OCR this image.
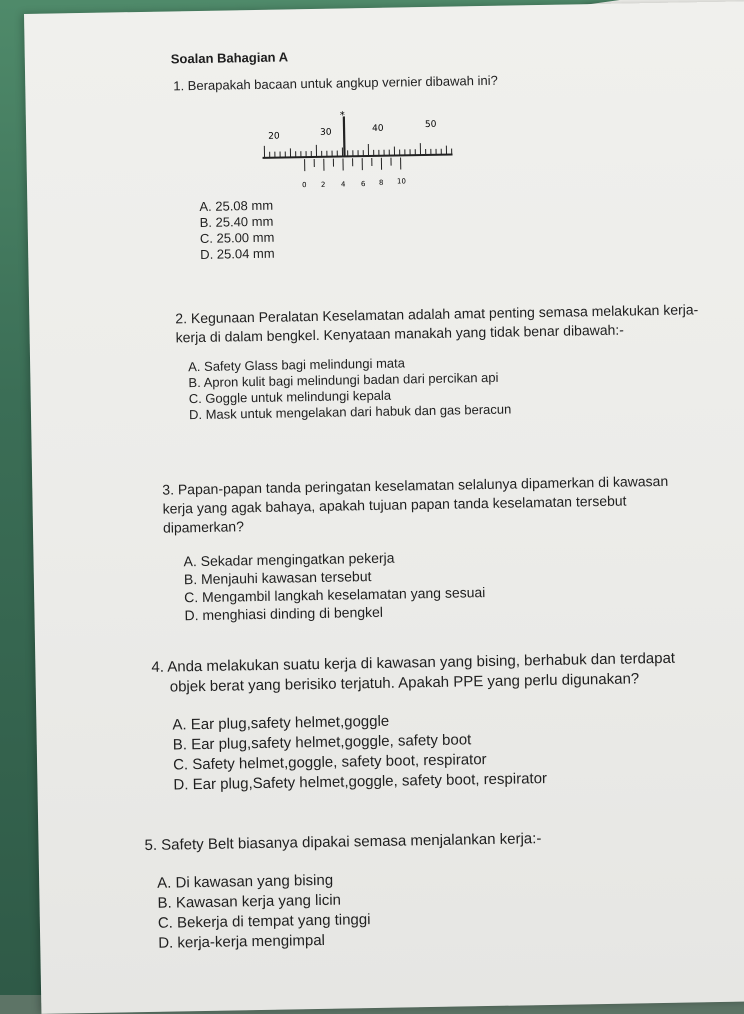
Soalan Bahagian A
1. Berapakah bacaan untuk angkup vernier dibawah ini?
*
20	30	40	50
0 2 4 6 8 10
A. 25.08 mm
B. 25.40 mm
C. 25.00 mm
D. 25.04 mm
2. Kegunaan Peralatan Keselamatan adalah amat penting semasa melakukan kerja-
kerja di dalam bengkel. Kenyataan manakah yang tidak benar dibawah:-
A. Safety Glass bagi melindungi mata
B. Apron kulit bagi melindungi badan dari percikan api
C. Goggle untuk melindungi kepala
D. Mask untuk mengelakan dari habuk dan gas beracun
3. Papan-papan tanda peringatan keselamatan selalunya dipamerkan di kawasan
kerja yang agak bahaya, apakah tujuan papan tanda keselamatan tersebut
dipamerkan?
A. Sekadar mengingatkan pekerja
B. Menjauhi kawasan tersebut
C. Mengambil langkah keselamatan yang sesuai
D. menghiasi dinding di bengkel
4. Anda melakukan suatu kerja di kawasan yang bising, berhabuk dan terdapat
objek berat yang berisiko terjatuh. Apakah PPE yang perlu digunakan?
A. Ear plug,safety helmet,goggle
B. Ear plug,safety helmet,goggle, safety boot
C. Safety helmet,goggle, safety boot, respirator
D. Ear plug,Safety helmet,goggle, safety boot, respirator
5. Safety Belt biasanya dipakai semasa menjalankan kerja:-
A. Di kawasan yang bising
B. Kawasan kerja yang licin
C. Bekerja di tempat yang tinggi
D. kerja-kerja mengimpal
